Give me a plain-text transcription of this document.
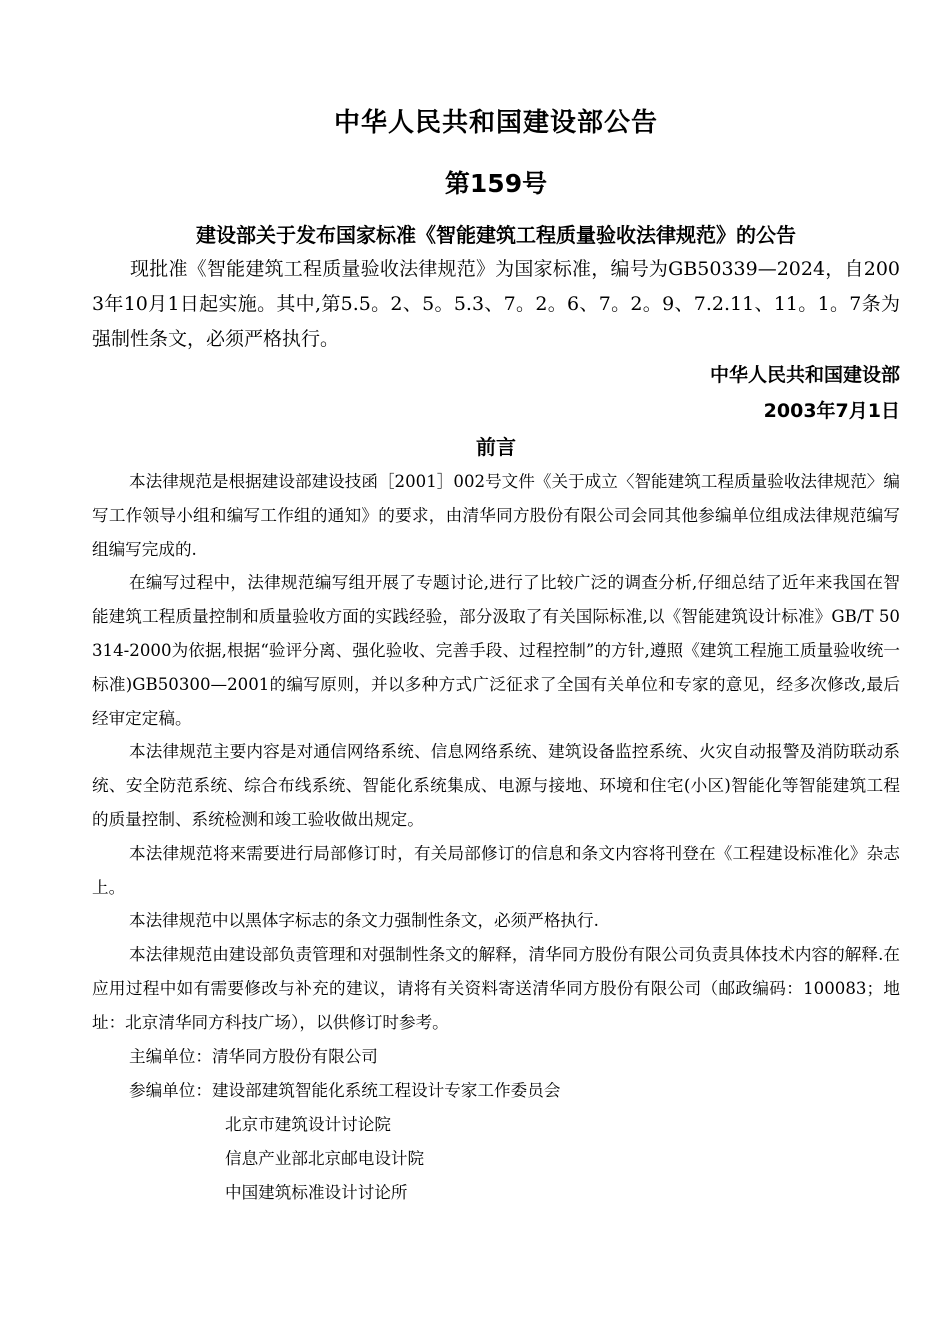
中华人民共和国建设部公告
第159号
建设部关于发布国家标准《智能建筑工程质量验收法律规范》的公告

现批准《智能建筑工程质量验收法律规范》为国家标准，编号为GB50339—2024，自2003年10月1日起实施。其中,第5.5。2、5。5.3、7。2。6、7。2。9、7.2.11、11。1。7条为强制性条文，必须严格执行。

中华人民共和国建设部

2003年7月1日

前言

本法律规范是根据建设部建设技函［2001］002号文件《关于成立〈智能建筑工程质量验收法律规范〉编写工作领导小组和编写工作组的通知》的要求，由清华同方股份有限公司会同其他参编单位组成法律规范编写组编写完成的.

在编写过程中，法律规范编写组开展了专题讨论,进行了比较广泛的调查分析,仔细总结了近年来我国在智能建筑工程质量控制和质量验收方面的实践经验，部分汲取了有关国际标准,以《智能建筑设计标准》GB/T 50314-2000为依据,根据“验评分离、强化验收、完善手段、过程控制”的方针,遵照《建筑工程施工质量验收统一标准)GB50300—2001的编写原则，并以多种方式广泛征求了全国有关单位和专家的意见，经多次修改,最后经审定定稿。

本法律规范主要内容是对通信网络系统、信息网络系统、建筑设备监控系统、火灾自动报警及消防联动系统、安全防范系统、综合布线系统、智能化系统集成、电源与接地、环境和住宅(小区)智能化等智能建筑工程的质量控制、系统检测和竣工验收做出规定。

本法律规范将来需要进行局部修订时，有关局部修订的信息和条文内容将刊登在《工程建设标准化》杂志上。

本法律规范中以黑体字标志的条文力强制性条文，必须严格执行.

本法律规范由建设部负责管理和对强制性条文的解释，清华同方股份有限公司负责具体技术内容的解释.在应用过程中如有需要修改与补充的建议，请将有关资料寄送清华同方股份有限公司（邮政编码：100083；地址：北京清华同方科技广场），以供修订时参考。

主编单位：清华同方股份有限公司

参编单位：建设部建筑智能化系统工程设计专家工作委员会

北京市建筑设计讨论院

信息产业部北京邮电设计院

中国建筑标准设计讨论所
